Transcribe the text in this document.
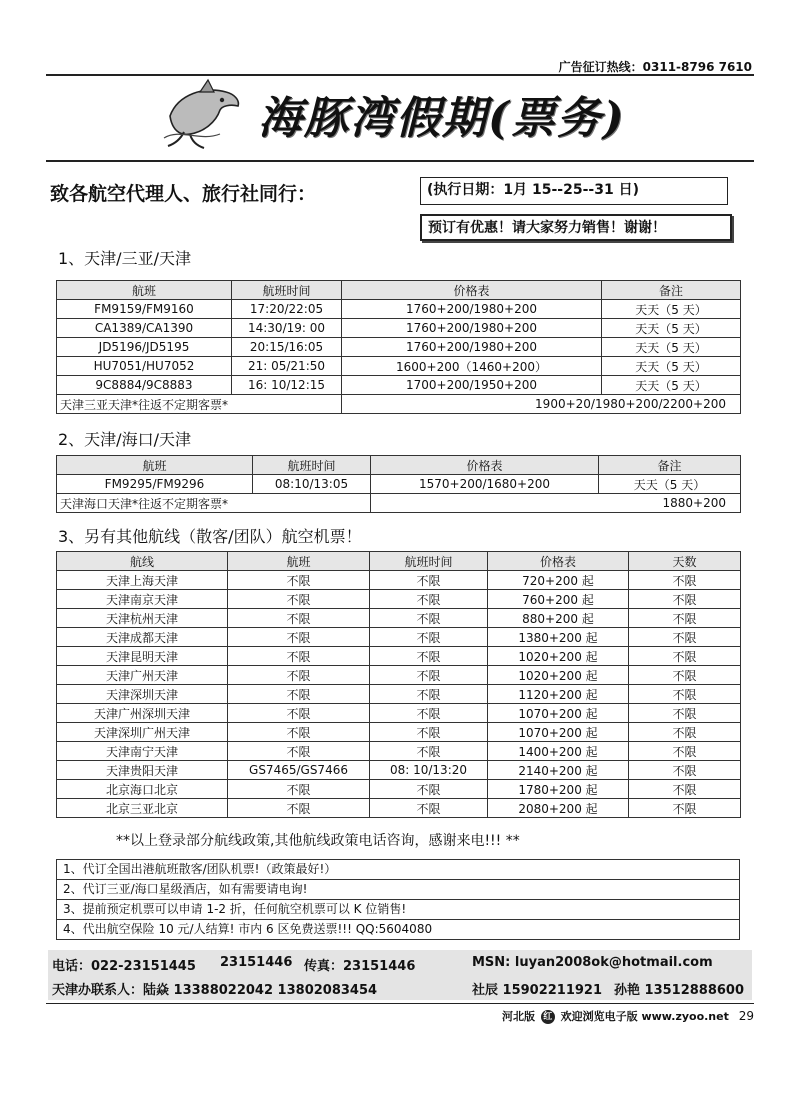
广告征订热线：0311-8796 7610
海豚湾假期(票务)
致各航空代理人、旅行社同行：	(执行日期：1月 15--25--31 日)
预订有优惠！请大家努力销售！谢谢！
1、天津/三亚/天津
航班	航班时间	价格表	备注
FM9159/FM9160	17:20/22:05	1760+200/1980+200	天天（5 天）
CA1389/CA1390	14:30/19: 00	1760+200/1980+200	天天（5 天）
JD5196/JD5195	20:15/16:05	1760+200/1980+200	天天（5 天）
HU7051/HU7052	21: 05/21:50	1600+200（1460+200）	天天（5 天）
9C8884/9C8883	16: 10/12:15	1700+200/1950+200	天天（5 天）
天津三亚天津*往返不定期客票*		1900+20/1980+200/2200+200	
2、天津/海口/天津
航班	航班时间	价格表	备注
FM9295/FM9296	08:10/13:05	1570+200/1680+200	天天（5 天）
天津海口天津*往返不定期客票*		1880+200	
3、另有其他航线（散客/团队）航空机票！
航线	航班	航班时间	价格表	天数
天津上海天津	不限	不限	720+200 起	不限
天津南京天津	不限	不限	760+200 起	不限
天津杭州天津	不限	不限	880+200 起	不限
天津成都天津	不限	不限	1380+200 起	不限
天津昆明天津	不限	不限	1020+200 起	不限
天津广州天津	不限	不限	1020+200 起	不限
天津深圳天津	不限	不限	1120+200 起	不限
天津广州深圳天津	不限	不限	1070+200 起	不限
天津深圳广州天津	不限	不限	1070+200 起	不限
天津南宁天津	不限	不限	1400+200 起	不限
天津贵阳天津	GS7465/GS7466	08: 10/13:20	2140+200 起	不限
北京海口北京	不限	不限	1780+200 起	不限
北京三亚北京	不限	不限	2080+200 起	不限
**以上登录部分航线政策,其他航线政策电话咨询，感谢来电!!! **
1、代订全国出港航班散客/团队机票!（政策最好!）
2、代订三亚/海口星级酒店，如有需要请电询!
3、提前预定机票可以申请 1-2 折，任何航空机票可以 K 位销售!
4、代出航空保险 10 元/人结算! 市内 6 区免费送票!!! QQ:5604080
电话：022-23151445 23151446 传真：23151446	MSN: luyan2008ok@hotmail.com
天津办联系人：陆焱 13388022042 13802083454	社辰 15902211921 孙艳 13512888600
河北版 红 欢迎浏览电子版 www.zyoo.net 29
